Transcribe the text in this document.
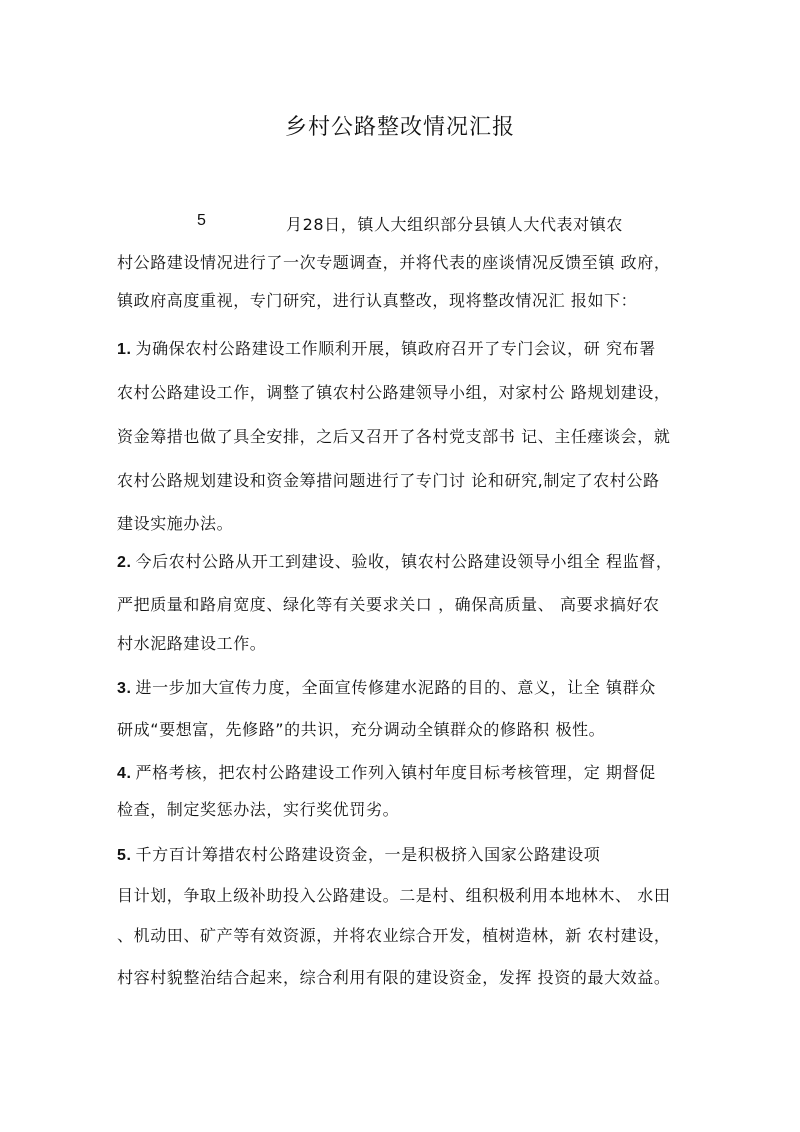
乡村公路整改情况汇报
5	月28日，镇人大组织部分县镇人大代表对镇农
村公路建设情况进行了一次专题调查，并将代表的座谈情况反馈至镇 政府，
镇政府高度重视，专门研究，进行认真整改，现将整改情况汇 报如下：
1. 为确保农村公路建设工作顺利开展，镇政府召开了专门会议，研 究布署
农村公路建设工作，调整了镇农村公路建领导小组，对家村公 路规划建设，
资金筹措也做了具全安排，之后又召开了各村党支部书 记、主任瘗谈会，就
农村公路规划建设和资金筹措问题进行了专门讨 论和研究,制定了农村公路
建设实施办法。
2. 今后农村公路从开工到建设、验收，镇农村公路建设领导小组全 程监督，
严把质量和路肩宽度、绿化等有关要求关口 ，确保高质量、 高要求搞好农
村水泥路建设工作。
3. 进一步加大宣传力度，全面宣传修建水泥路的目的、意义，让全 镇群众
研成“要想富，先修路”的共识，充分调动全镇群众的修路积 极性。
4. 严格考核，把农村公路建设工作列入镇村年度目标考核管理，定 期督促
检查，制定奖惩办法，实行奖优罚劣。
5. 千方百计筹措农村公路建设资金，一是积极挤入国家公路建设项
目计划，争取上级补助投入公路建设。二是村、组积极利用本地林木、 水田
、机动田、矿产等有效资源，并将农业综合开发，植树造林，新 农村建设，
村容村貌整治结合起来，综合利用有限的建设资金，发挥 投资的最大效益。
